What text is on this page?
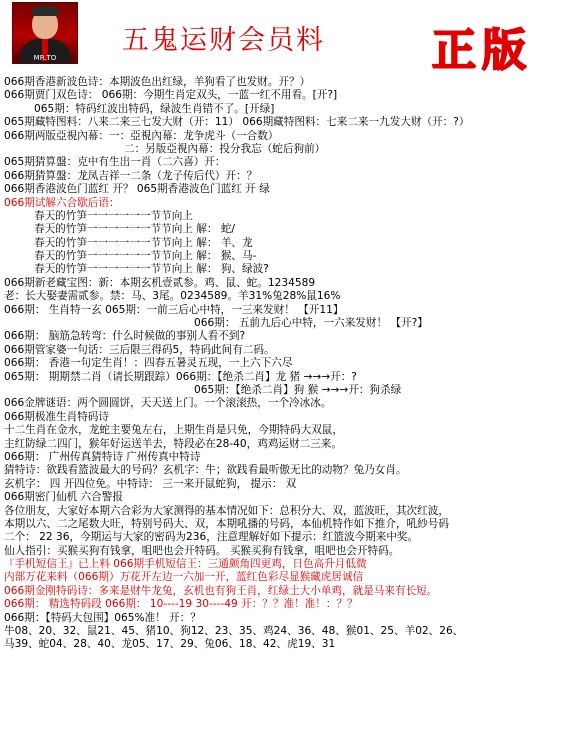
MR.TO
五鬼运财会员料 正版
066期香港新波色诗：本期波色出红绿，羊狗看了也发财。开？）
066期贾门双色诗： 066期：今期生肖定双头，一蓝一红不用看。[开?]
065期：特码红波出特码，绿波生肖错不了。[开绿]
065期藏特图料：八来二来三七发大财（开：11） 066期藏特图料：七来二来一九发大财（开：?）
066期两版亞視內幕：一：亞視內幕：龙争虎斗（一合数）
二：另版亞視內幕：投分我忘（蛇后狗前）
065期猜算盤：克中有生出一肖（二六喜）开：
066期猜算盤：龙凤吉祥一二条（龙子传后代）开：？
066期香港波色门蓝红 开？ 065期香港波色门蓝红 开 绿
066期试解六合歇后语：
春天的竹笋一一一一一一节节向上
春天的竹笋一一一一一一节节向上 解： 蛇/
春天的竹笋一一一一一一节节向上 解： 羊、龙
春天的竹笋一一一一一一节节向上 解： 猴、马-
春天的竹笋一一一一一一节节向上 解： 狗、绿波?
066期新老藏宝图：新：本期玄机壹贰参。鸡、鼠、蛇。1234589
老：长大娶妻需贰参。禁：马、3尾。0234589。羊31%兔28%鼠16%
066期： 生肖特一玄 065期：一前三后心中特，一三来发财！ 【开11】
066期： 五前九后心中特，一六来发财！ 【开?】
066期： 脑筋急转弯：什么时候做的事别人看不到?
066期管家婆一句话：三后限三得码5，特码此间有二码。
066期： 香港一句定生肖！：四春五暑灵五现，一上六下六尽
065期： 期期禁二肖（请长期跟踪）066期：【绝杀二肖】龙 猪 →→→开：?
065期：【绝杀二肖】狗 猴 →→→开：狗杀绿
066金牌谜语：两个圆圆饼，天天送上门。一个滚滚热，一个冷冰冰。
066期极准生肖特码诗
十二生肖在金水，龙蛇主要兔左右，上期生肖是只免，今期特码大双鼠，
主红防绿二四门，猴年好运送羊去，特段必在28-40，鸡鸡运财二三来。
066期： 广州传真猜特诗 广州传真中特诗
猜特诗：欲践看篮波最大的号码？玄机字：牛；欲践看最听傲无比的动物？兔乃女肖。
玄机字： 四 开四位免。中特诗： 三一来开鼠蛇狗， 提示： 双
066期密门仙机 六合警报
各位朋友，大家好本期六合彩为大家测得的基本情况如下：总积分大、双，蓝波旺，其次红波，
本期以六、二之尾数大旺，特别号码大、双，本期吼播的号码，本仙机特作如下推介，吼紗号码
二个： 22 36，今期运与大家的密码为236，注意理解好如下提示：红篮波今期来中奖。
仙人指引：买猴买狗有钱拿，咀吧也会开特码。 买猴买狗有钱拿，咀吧也会开特码。
『手机短信王』已上料 066期手机短信王：三通颇角四更鸡，日色高升月低微
内部万花来料（066期）万花开左边一六加一开，蓝红色彩尽显猴藏虎居诚信
066期金刚特码诗：多来是财牛龙兔，玄机也有狗王肖，红绿土大小单鸡，就是马来有长短。
066期： 精选特码段 066期： 10----19 30----49 开：？？准！准！：？？
066期：【特码大包围】065%准！ 开：？
牛08、20、32、鼠21、45、猪10、狗12、23、35、鸡24、36、48、猴01、25、羊02、26、
马39、蛇04、28、40、龙05、17、29、兔06、18、42、虎19、31
